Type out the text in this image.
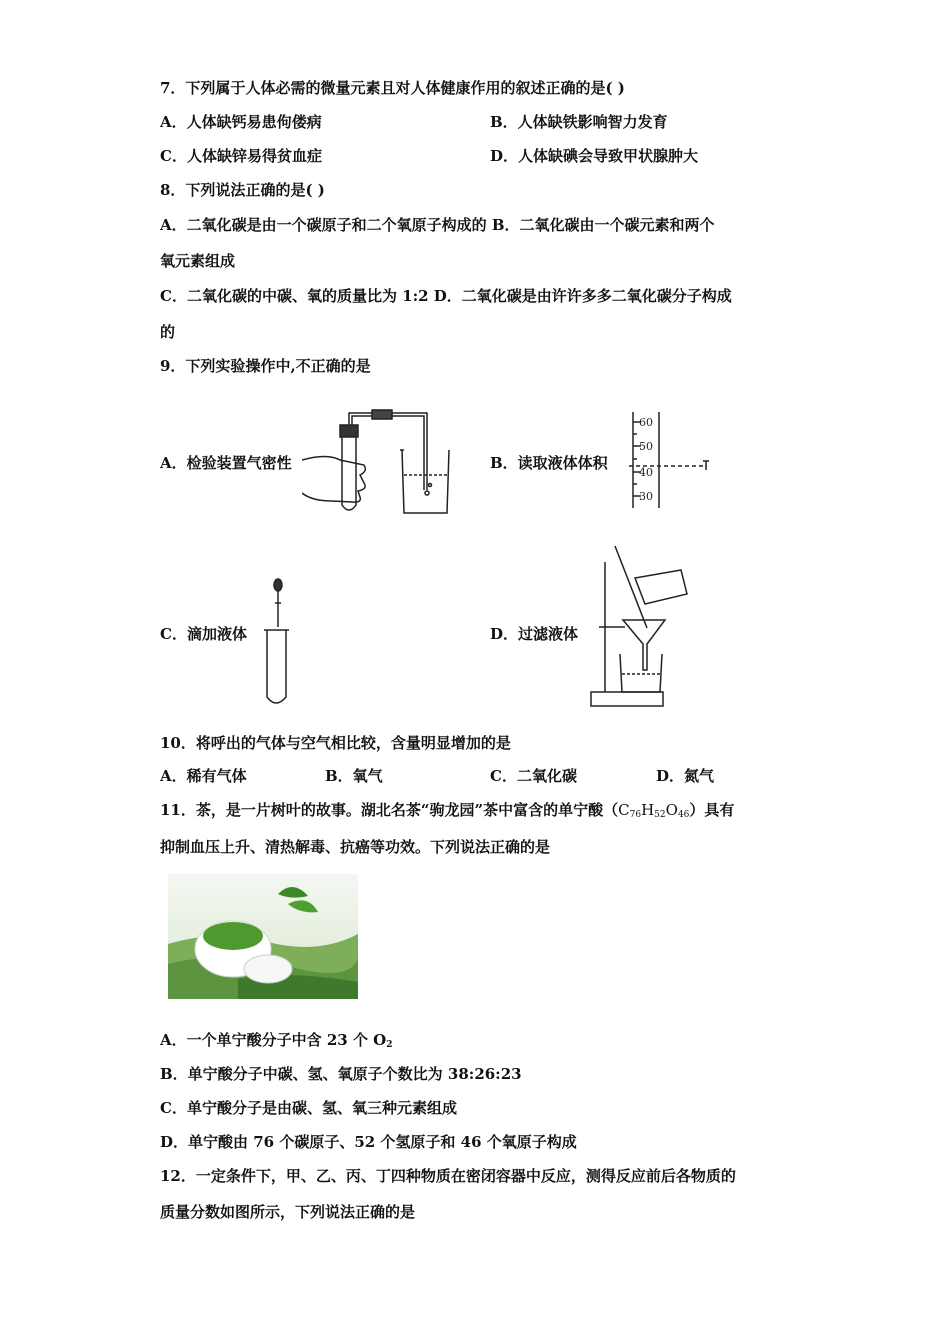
7．下列属于人体必需的微量元素且对人体健康作用的叙述正确的是( )
A．人体缺钙易患佝偻病	B．人体缺铁影响智力发育
C．人体缺锌易得贫血症	D．人体缺碘会导致甲状腺肿大
8．下列说法正确的是( )
A．二氧化碳是由一个碳原子和二个氧原子构成的 B．二氧化碳由一个碳元素和两个
氧元素组成
C．二氧化碳的中碳、氧的质量比为 1:2 D．二氧化碳是由许许多多二氧化碳分子构成
的
9．下列实验操作中,不正确的是
A．检验装置气密性	B．读取液体体积
60
50
40
30
C．滴加液体	D．过滤液体
10．将呼出的气体与空气相比较，含量明显增加的是
A．稀有气体	B．氧气	C．二氧化碳	D．氮气
11．茶，是一片树叶的故事。湖北名茶“驹龙园”茶中富含的单宁酸$(C_{76}H_{52}O_{46})$具有
抑制血压上升、清热解毒、抗癌等功效。下列说法正确的是
A．一个单宁酸分子中含 23 个 $O_2$
B．单宁酸分子中碳、氢、氧原子个数比为 38:26:23
C．单宁酸分子是由碳、氢、氧三种元素组成
D．单宁酸由 76 个碳原子、52 个氢原子和 46 个氧原子构成
12．一定条件下，甲、乙、丙、丁四种物质在密闭容器中反应，测得反应前后各物质的
质量分数如图所示，下列说法正确的是
